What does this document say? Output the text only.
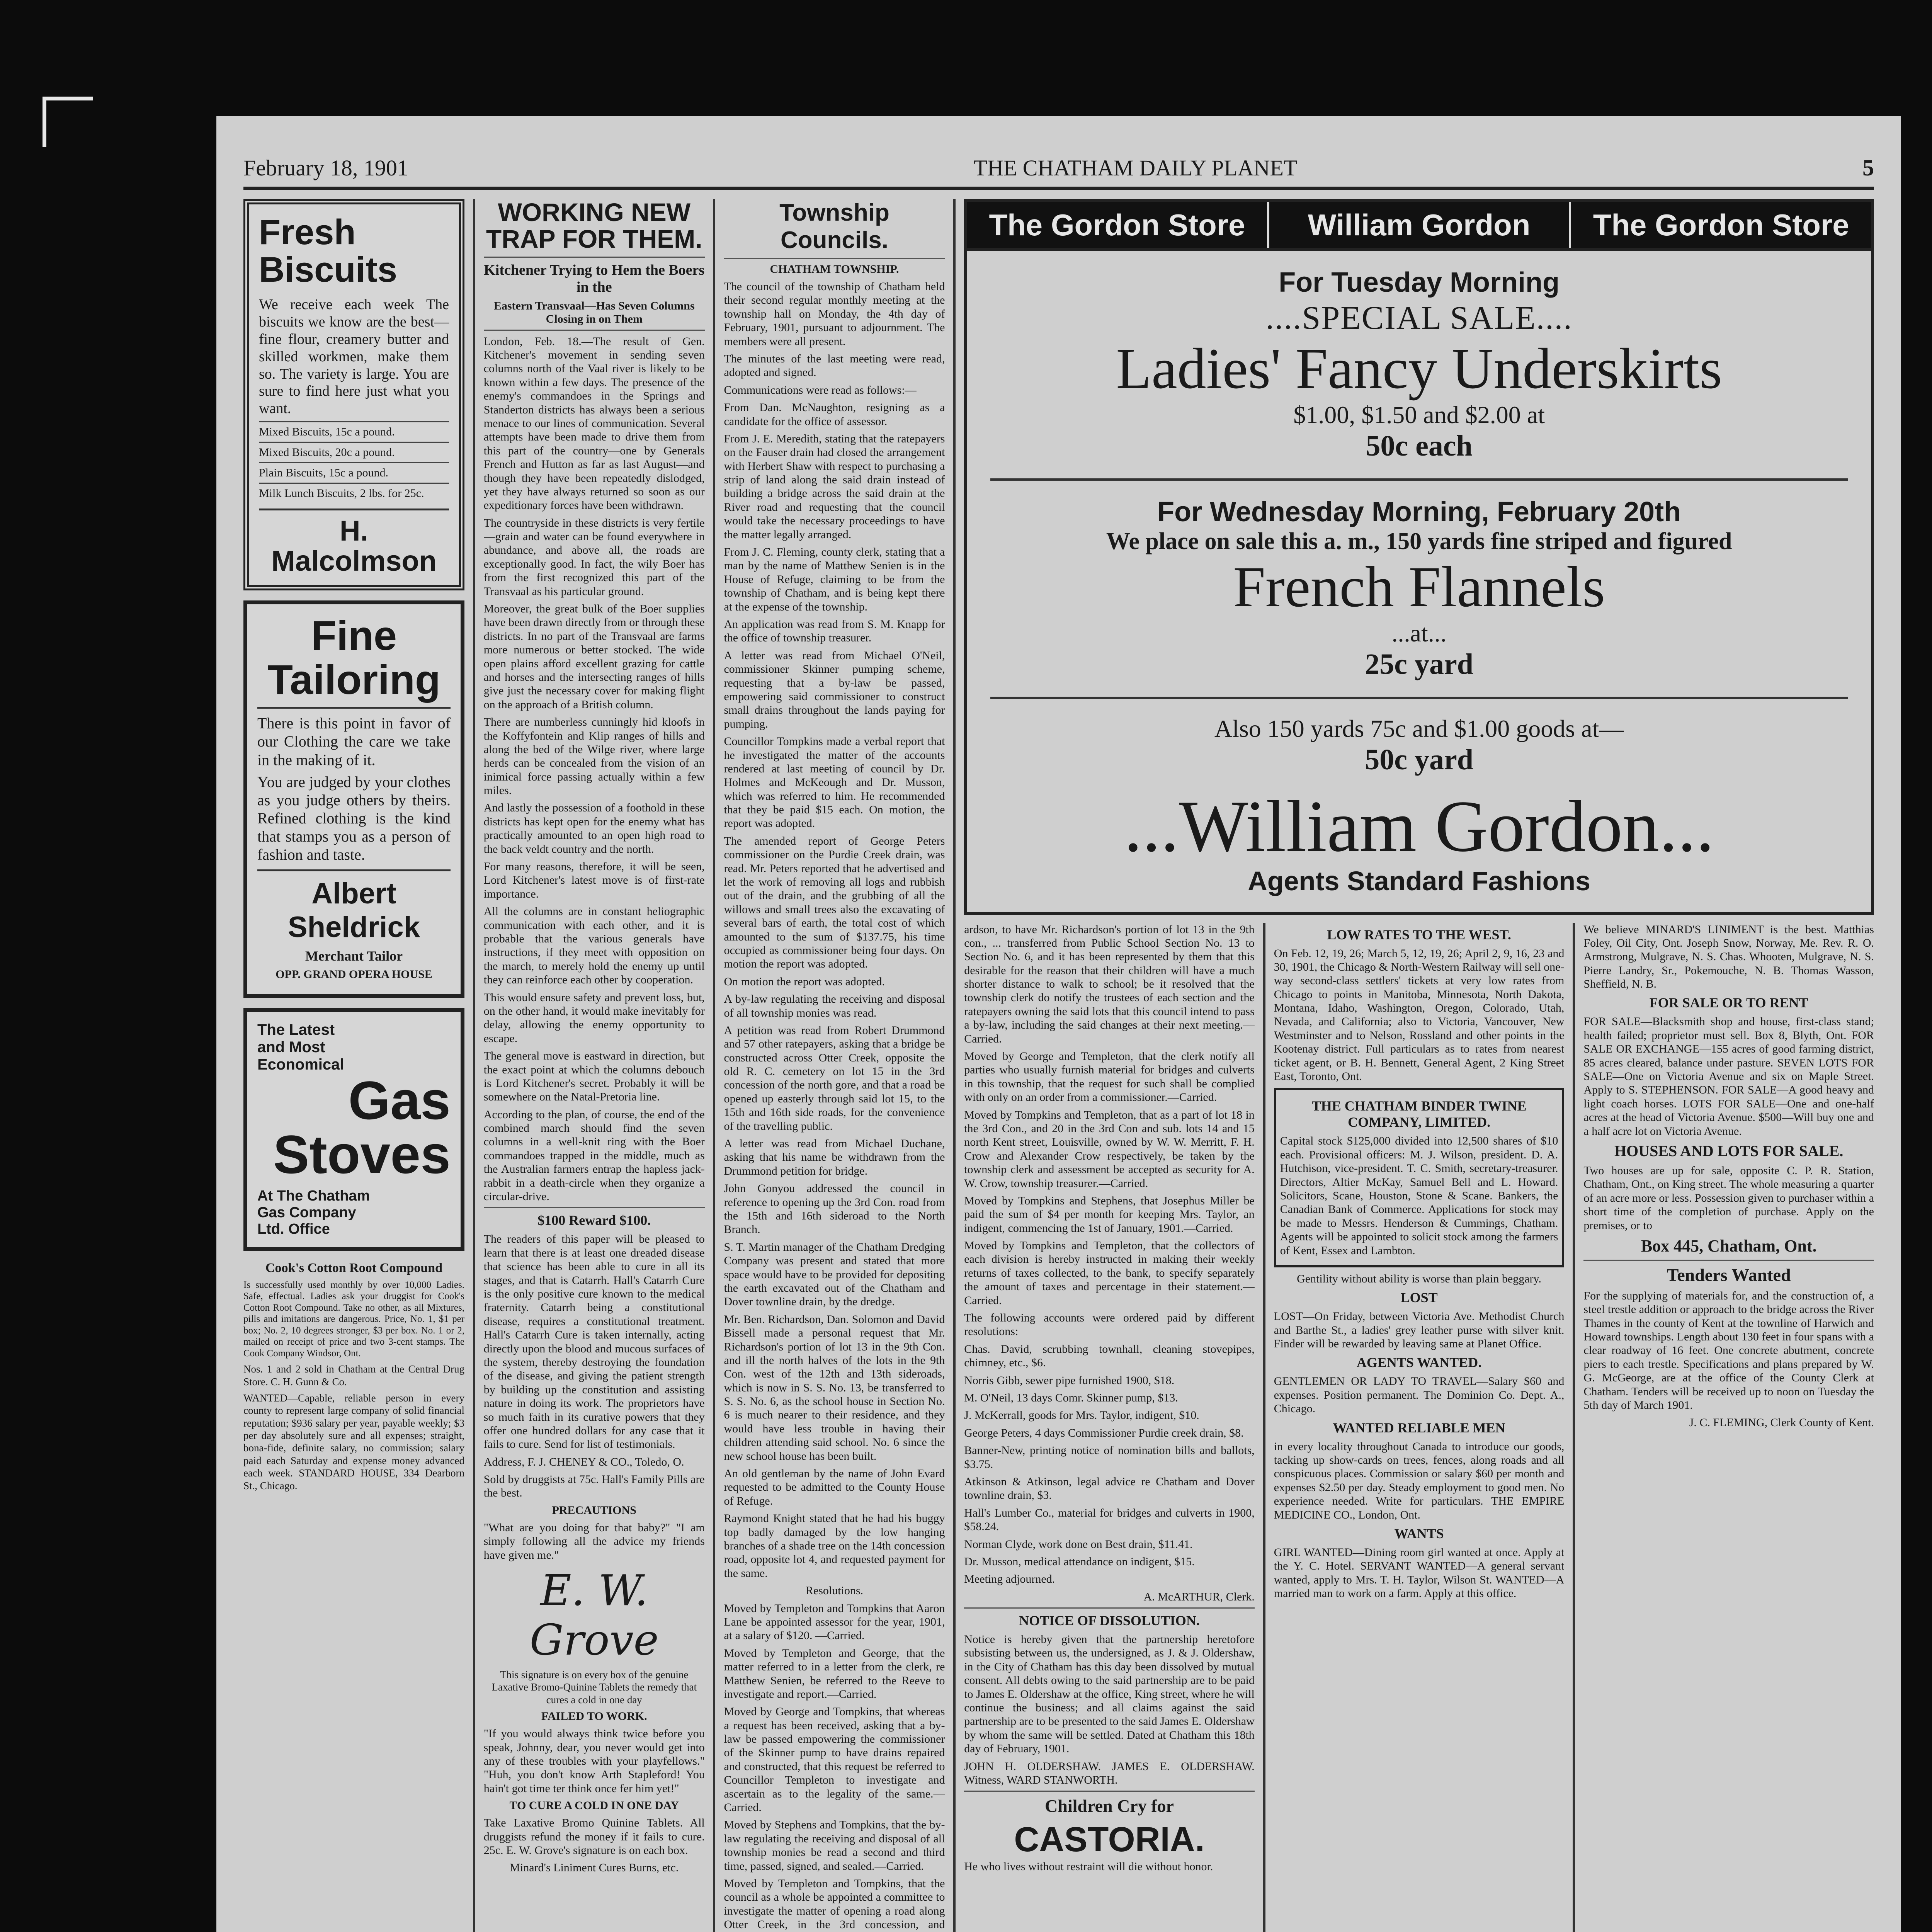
February 18, 1901	THE CHATHAM DAILY PLANET	5
Fresh Biscuits

We receive each week The biscuits we know are the best—fine flour, creamery butter and skilled workmen, make them so. The variety is large. You are sure to find here just what you want.

Mixed Biscuits, 15c a pound.
Mixed Biscuits, 20c a pound.
Plain Biscuits, 15c a pound.
Milk Lunch Biscuits, 2 lbs. for 25c.
H. Malcolmson
Fine Tailoring

There is this point in favor of our Clothing the care we take in the making of it.

You are judged by your clothes as you judge others by theirs. Refined clothing is the kind that stamps you as a person of fashion and taste.

Albert Sheldrick
Merchant Tailor
OPP. GRAND OPERA HOUSE
The Latest and Most Economical
Gas Stoves
At The Chatham Gas Company Ltd. Office
Cook's Cotton Root Compound

Is successfully used monthly by over 10,000 Ladies. Safe, effectual. Ladies ask your druggist for Cook's Cotton Root Compound. Take no other, as all Mixtures, pills and imitations are dangerous. Price, No. 1, $1 per box; No. 2, 10 degrees stronger, $3 per box. No. 1 or 2, mailed on receipt of price and two 3-cent stamps. The Cook Company Windsor, Ont.

Nos. 1 and 2 sold in Chatham at the Central Drug Store. C. H. Gunn & Co.

WANTED—Capable, reliable person in every county to represent large company of solid financial reputation; $936 salary per year, payable weekly; $3 per day absolutely sure and all expenses; straight, bona-fide, definite salary, no commission; salary paid each Saturday and expense money advanced each week. STANDARD HOUSE, 334 Dearborn St., Chicago.

WORKING NEW TRAP FOR THEM.
Kitchener Trying to Hem the Boers in the
Eastern Transvaal—Has Seven Columns Closing in on Them

London, Feb. 18.—The result of Gen. Kitchener's movement in sending seven columns north of the Vaal river is likely to be known within a few days. The presence of the enemy's commandoes in the Springs and Standerton districts has always been a serious menace to our lines of communication. Several attempts have been made to drive them from this part of the country—one by Generals French and Hutton as far as last August—and though they have been repeatedly dislodged, yet they have always returned so soon as our expeditionary forces have been withdrawn.

The countryside in these districts is very fertile—grain and water can be found everywhere in abundance, and above all, the roads are exceptionally good. In fact, the wily Boer has from the first recognized this part of the Transvaal as his particular ground.

Moreover, the great bulk of the Boer supplies have been drawn directly from or through these districts. In no part of the Transvaal are farms more numerous or better stocked. The wide open plains afford excellent grazing for cattle and horses and the intersecting ranges of hills give just the necessary cover for making flight on the approach of a British column.

There are numberless cunningly hid kloofs in the Koffyfontein and Klip ranges of hills and along the bed of the Wilge river, where large herds can be concealed from the vision of an inimical force passing actually within a few miles.

And lastly the possession of a foothold in these districts has kept open for the enemy what has practically amounted to an open high road to the back veldt country and the north.

For many reasons, therefore, it will be seen, Lord Kitchener's latest move is of first-rate importance.

All the columns are in constant heliographic communication with each other, and it is probable that the various generals have instructions, if they meet with opposition on the march, to merely hold the enemy up until they can reinforce each other by cooperation.

This would ensure safety and prevent loss, but, on the other hand, it would make inevitably for delay, allowing the enemy opportunity to escape.

The general move is eastward in direction, but the exact point at which the columns debouch is Lord Kitchener's secret. Probably it will be somewhere on the Natal-Pretoria line.

According to the plan, of course, the end of the combined march should find the seven columns in a well-knit ring with the Boer commandoes trapped in the middle, much as the Australian farmers entrap the hapless jack-rabbit in a death-circle when they organize a circular-drive.

$100 Reward $100.

The readers of this paper will be pleased to learn that there is at least one dreaded disease that science has been able to cure in all its stages, and that is Catarrh. Hall's Catarrh Cure is the only positive cure known to the medical fraternity. Catarrh being a constitutional disease, requires a constitutional treatment. Hall's Catarrh Cure is taken internally, acting directly upon the blood and mucous surfaces of the system, thereby destroying the foundation of the disease, and giving the patient strength by building up the constitution and assisting nature in doing its work. The proprietors have so much faith in its curative powers that they offer one hundred dollars for any case that it fails to cure. Send for list of testimonials.

Address, F. J. CHENEY & CO., Toledo, O.

Sold by druggists at 75c. Hall's Family Pills are the best.

PRECAUTIONS

"What are you doing for that baby?" "I am simply following all the advice my friends have given me."

E. W. Grove

This signature is on every box of the genuine Laxative Bromo-Quinine Tablets the remedy that cures a cold in one day

FAILED TO WORK.

"If you would always think twice before you speak, Johnny, dear, you never would get into any of these troubles with your playfellows." "Huh, you don't know Arth Stapleford! You hain't got time ter think once fer him yet!"

TO CURE A COLD IN ONE DAY

Take Laxative Bromo Quinine Tablets. All druggists refund the money if it fails to cure. 25c. E. W. Grove's signature is on each box.

Minard's Liniment Cures Burns, etc.

Township Councils.
CHATHAM TOWNSHIP.

The council of the township of Chatham held their second regular monthly meeting at the township hall on Monday, the 4th day of February, 1901, pursuant to adjournment. The members were all present.

The minutes of the last meeting were read, adopted and signed.

Communications were read as follows:—

From Dan. McNaughton, resigning as a candidate for the office of assessor.

From J. E. Meredith, stating that the ratepayers on the Fauser drain had closed the arrangement with Herbert Shaw with respect to purchasing a strip of land along the said drain instead of building a bridge across the said drain at the River road and requesting that the council would take the necessary proceedings to have the matter legally arranged.

From J. C. Fleming, county clerk, stating that a man by the name of Matthew Senien is in the House of Refuge, claiming to be from the township of Chatham, and is being kept there at the expense of the township.

An application was read from S. M. Knapp for the office of township treasurer.

A letter was read from Michael O'Neil, commissioner Skinner pumping scheme, requesting that a by-law be passed, empowering said commissioner to construct small drains throughout the lands paying for pumping.

Councillor Tompkins made a verbal report that he investigated the matter of the accounts rendered at last meeting of council by Dr. Holmes and McKeough and Dr. Musson, which was referred to him. He recommended that they be paid $15 each. On motion, the report was adopted.

The amended report of George Peters commissioner on the Purdie Creek drain, was read. Mr. Peters reported that he advertised and let the work of removing all logs and rubbish out of the drain, and the grubbing of all the willows and small trees also the excavating of several bars of earth, the total cost of which amounted to the sum of $137.75, his time occupied as commissioner being four days. On motion the report was adopted.

On motion the report was adopted.

A by-law regulating the receiving and disposal of all township monies was read.

A petition was read from Robert Drummond and 57 other ratepayers, asking that a bridge be constructed across Otter Creek, opposite the old R. C. cemetery on lot 15 in the 3rd concession of the north gore, and that a road be opened up easterly through said lot 15, to the 15th and 16th side roads, for the convenience of the travelling public.

A letter was read from Michael Duchane, asking that his name be withdrawn from the Drummond petition for bridge.

John Gonyou addressed the council in reference to opening up the 3rd Con. road from the 15th and 16th sideroad to the North Branch.

S. T. Martin manager of the Chatham Dredging Company was present and stated that more space would have to be provided for depositing the earth excavated out of the Chatham and Dover townline drain, by the dredge.

Mr. Ben. Richardson, Dan. Solomon and David Bissell made a personal request that Mr. Richardson's portion of lot 13 in the 9th Con. and ill the north halves of the lots in the 9th Con. west of the 12th and 13th sideroads, which is now in S. S. No. 13, be transferred to S. S. No. 6, as the school house in Section No. 6 is much nearer to their residence, and they would have less trouble in having their children attending said school. No. 6 since the new school house has been built.

An old gentleman by the name of John Evard requested to be admitted to the County House of Refuge.

Raymond Knight stated that he had his buggy top badly damaged by the low hanging branches of a shade tree on the 14th concession road, opposite lot 4, and requested payment for the same.

Resolutions.

Moved by Templeton and Tompkins that Aaron Lane be appointed assessor for the year, 1901, at a salary of $120. —Carried.

Moved by Templeton and George, that the matter referred to in a letter from the clerk, re Matthew Senien, be referred to the Reeve to investigate and report.—Carried.

Moved by George and Tompkins, that whereas a request has been received, asking that a by-law be passed empowering the commissioner of the Skinner pump to have drains repaired and constructed, that this request be referred to Councillor Templeton to investigate and ascertain as to the legality of the same.—Carried.

Moved by Stephens and Tompkins, that the by-law regulating the receiving and disposal of all township monies be read a second and third time, passed, signed, and sealed.—Carried.

Moved by Templeton and Tompkins, that the council as a whole be appointed a committee to investigate the matter of opening a road along Otter Creek, in the 3rd concession, and

The Gordon Store	William Gordon	The Gordon Store
For Tuesday Morning
....SPECIAL SALE....
Ladies' Fancy Underskirts
$1.00, $1.50 and $2.00 at
50c each
For Wednesday Morning, February 20th
We place on sale this a. m., 150 yards fine striped and figured
French Flannels
...at...
25c yard
Also 150 yards 75c and $1.00 goods at—
50c yard
...William Gordon...
Agents Standard Fashions

ardson, to have Mr. Richardson's portion of lot 13 in the 9th con., ... transferred from Public School Section No. 13 to Section No. 6, and it has been represented by them that this desirable for the reason that their children will have a much shorter distance to walk to school; be it resolved that the township clerk do notify the trustees of each section and the ratepayers owning the said lots that this council intend to pass a by-law, including the said changes at their next meeting.—Carried.

Moved by George and Templeton, that the clerk notify all parties who usually furnish material for bridges and culverts in this township, that the request for such shall be complied with only on an order from a commissioner.—Carried.

Moved by Tompkins and Templeton, that as a part of lot 18 in the 3rd Con., and 20 in the 3rd Con and sub. lots 14 and 15 north Kent street, Louisville, owned by W. W. Merritt, F. H. Crow and Alexander Crow respectively, be taken by the township clerk and assessment be accepted as security for A. W. Crow, township treasurer.—Carried.

Moved by Tompkins and Stephens, that Josephus Miller be paid the sum of $4 per month for keeping Mrs. Taylor, an indigent, commencing the 1st of January, 1901.—Carried.

Moved by Tompkins and Templeton, that the collectors of each division is hereby instructed in making their weekly returns of taxes collected, to the bank, to specify separately the amount of taxes and percentage in their statement.—Carried.

The following accounts were ordered paid by different resolutions:

Chas. David, scrubbing townhall, cleaning stovepipes, chimney, etc., $6.

Norris Gibb, sewer pipe furnished 1900, $18.

M. O'Neil, 13 days Comr. Skinner pump, $13.

J. McKerrall, goods for Mrs. Taylor, indigent, $10.

George Peters, 4 days Commissioner Purdie creek drain, $8.

Banner-New, printing notice of nomination bills and ballots, $3.75.

Atkinson & Atkinson, legal advice re Chatham and Dover townline drain, $3.

Hall's Lumber Co., material for bridges and culverts in 1900, $58.24.

Norman Clyde, work done on Best drain, $11.41.

Dr. Musson, medical attendance on indigent, $15.

Meeting adjourned.

A. McARTHUR, Clerk.

NOTICE OF DISSOLUTION.

Notice is hereby given that the partnership heretofore subsisting between us, the undersigned, as J. & J. Oldershaw, in the City of Chatham has this day been dissolved by mutual consent. All debts owing to the said partnership are to be paid to James E. Oldershaw at the office, King street, where he will continue the business; and all claims against the said partnership are to be presented to the said James E. Oldershaw by whom the same will be settled. Dated at Chatham this 18th day of February, 1901.

JOHN H. OLDERSHAW. JAMES E. OLDERSHAW. Witness, WARD STANWORTH.

Children Cry for
CASTORIA.

He who lives without restraint will die without honor.

LOW RATES TO THE WEST.

On Feb. 12, 19, 26; March 5, 12, 19, 26; April 2, 9, 16, 23 and 30, 1901, the Chicago & North-Western Railway will sell one-way second-class settlers' tickets at very low rates from Chicago to points in Manitoba, Minnesota, North Dakota, Montana, Idaho, Washington, Oregon, Colorado, Utah, Nevada, and California; also to Victoria, Vancouver, New Westminster and to Nelson, Rossland and other points in the Kootenay district. Full particulars as to rates from nearest ticket agent, or B. H. Bennett, General Agent, 2 King Street East, Toronto, Ont.

THE CHATHAM BINDER TWINE COMPANY, LIMITED.

Capital stock $125,000 divided into 12,500 shares of $10 each. Provisional officers: M. J. Wilson, president. D. A. Hutchison, vice-president. T. C. Smith, secretary-treasurer. Directors, Altier McKay, Samuel Bell and L. Howard. Solicitors, Scane, Houston, Stone & Scane. Bankers, the Canadian Bank of Commerce. Applications for stock may be made to Messrs. Henderson & Cummings, Chatham. Agents will be appointed to solicit stock among the farmers of Kent, Essex and Lambton.

Gentility without ability is worse than plain beggary.

LOST

LOST—On Friday, between Victoria Ave. Methodist Church and Barthe St., a ladies' grey leather purse with silver knit. Finder will be rewarded by leaving same at Planet Office.

AGENTS WANTED.

GENTLEMEN OR LADY TO TRAVEL—Salary $60 and expenses. Position permanent. The Dominion Co. Dept. A., Chicago.

WANTED RELIABLE MEN

in every locality throughout Canada to introduce our goods, tacking up show-cards on trees, fences, along roads and all conspicuous places. Commission or salary $60 per month and expenses $2.50 per day. Steady employment to good men. No experience needed. Write for particulars. THE EMPIRE MEDICINE CO., London, Ont.

WANTS

GIRL WANTED—Dining room girl wanted at once. Apply at the Y. C. Hotel. SERVANT WANTED—A general servant wanted, apply to Mrs. T. H. Taylor, Wilson St. WANTED—A married man to work on a farm. Apply at this office.

We believe MINARD'S LINIMENT is the best. Matthias Foley, Oil City, Ont. Joseph Snow, Norway, Me. Rev. R. O. Armstrong, Mulgrave, N. S. Chas. Whooten, Mulgrave, N. S. Pierre Landry, Sr., Pokemouche, N. B. Thomas Wasson, Sheffield, N. B.

FOR SALE OR TO RENT

FOR SALE—Blacksmith shop and house, first-class stand; health failed; proprietor must sell. Box 8, Blyth, Ont. FOR SALE OR EXCHANGE—155 acres of good farming district, 85 acres cleared, balance under pasture. SEVEN LOTS FOR SALE—One on Victoria Avenue and six on Maple Street. Apply to S. STEPHENSON. FOR SALE—A good heavy and light coach horses. LOTS FOR SALE—One and one-half acres at the head of Victoria Avenue. $500—Will buy one and a half acre lot on Victoria Avenue.

HOUSES AND LOTS FOR SALE.

Two houses are up for sale, opposite C. P. R. Station, Chatham, Ont., on King street. The whole measuring a quarter of an acre more or less. Possession given to purchaser within a short time of the completion of purchase. Apply on the premises, or to

Box 445, Chatham, Ont.
Tenders Wanted

For the supplying of materials for, and the construction of, a steel trestle addition or approach to the bridge across the River Thames in the county of Kent at the townline of Harwich and Howard townships. Length about 130 feet in four spans with a clear roadway of 16 feet. One concrete abutment, concrete piers to each trestle. Specifications and plans prepared by W. G. McGeorge, are at the office of the County Clerk at Chatham. Tenders will be received up to noon on Tuesday the 5th day of March 1901.

J. C. FLEMING, Clerk County of Kent.
